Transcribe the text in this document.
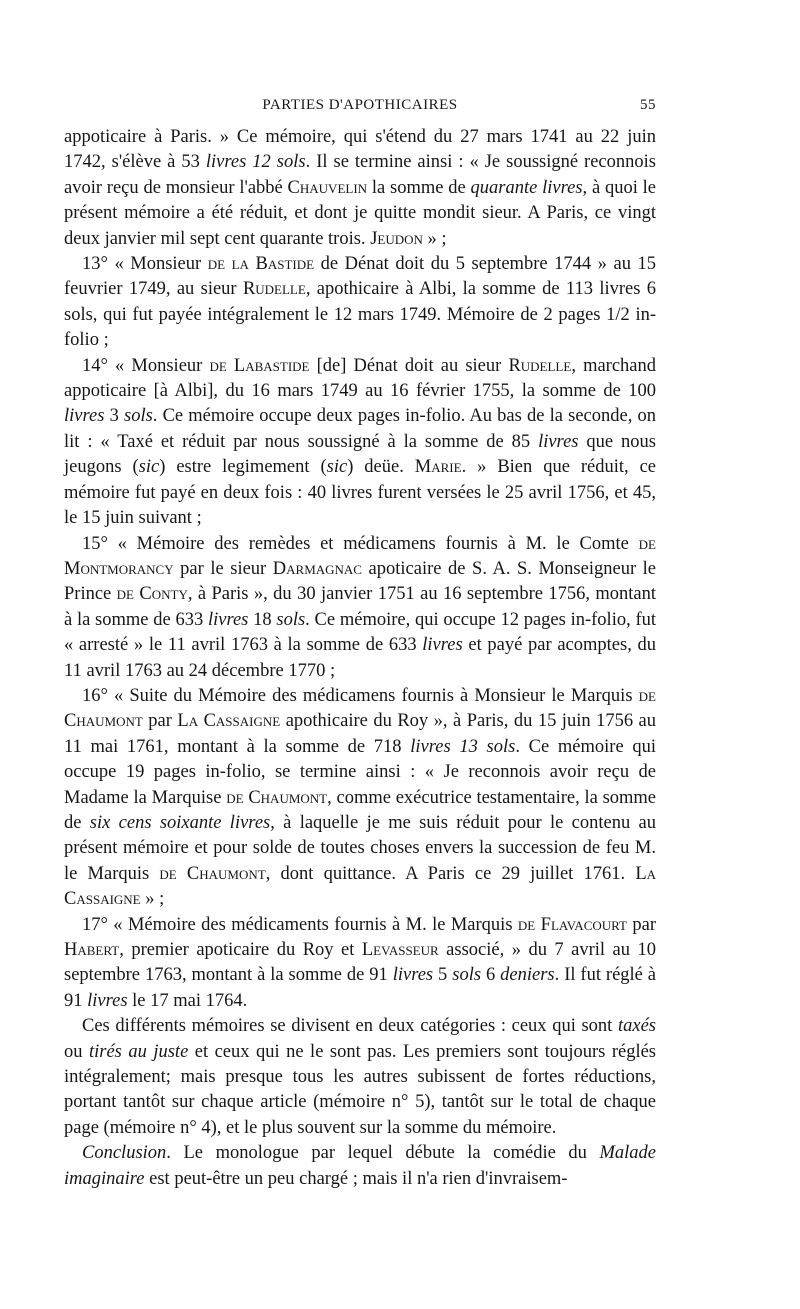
PARTIES D'APOTHICAIRES	55

appoticaire à Paris. » Ce mémoire, qui s'étend du 27 mars 1741 au 22 juin 1742, s'élève à 53 livres 12 sols. Il se termine ainsi : « Je soussigné reconnois avoir reçu de monsieur l'abbé Chauvelin la somme de quarante livres, à quoi le présent mémoire a été réduit, et dont je quitte mondit sieur. A Paris, ce vingt deux janvier mil sept cent quarante trois. Jeudon » ;

13° « Monsieur de la Bastide de Dénat doit du 5 septembre 1744 » au 15 feuvrier 1749, au sieur Rudelle, apothicaire à Albi, la somme de 113 livres 6 sols, qui fut payée intégralement le 12 mars 1749. Mémoire de 2 pages 1/2 in-folio ;

14° « Monsieur de Labastide [de] Dénat doit au sieur Rudelle, marchand appoticaire [à Albi], du 16 mars 1749 au 16 février 1755, la somme de 100 livres 3 sols. Ce mémoire occupe deux pages in-folio. Au bas de la seconde, on lit : « Taxé et réduit par nous soussigné à la somme de 85 livres que nous jeugons (sic) estre legimement (sic) deüe. Marie. » Bien que réduit, ce mémoire fut payé en deux fois : 40 livres furent versées le 25 avril 1756, et 45, le 15 juin suivant ;

15° « Mémoire des remèdes et médicamens fournis à M. le Comte de Montmorancy par le sieur Darmagnac apoticaire de S. A. S. Monseigneur le Prince de Conty, à Paris », du 30 janvier 1751 au 16 septembre 1756, montant à la somme de 633 livres 18 sols. Ce mémoire, qui occupe 12 pages in-folio, fut « arresté » le 11 avril 1763 à la somme de 633 livres et payé par acomptes, du 11 avril 1763 au 24 décembre 1770 ;

16° « Suite du Mémoire des médicamens fournis à Monsieur le Marquis de Chaumont par La Cassaigne apothicaire du Roy », à Paris, du 15 juin 1756 au 11 mai 1761, montant à la somme de 718 livres 13 sols. Ce mémoire qui occupe 19 pages in-folio, se termine ainsi : « Je reconnois avoir reçu de Madame la Marquise de Chaumont, comme exécutrice testamentaire, la somme de six cens soixante livres, à laquelle je me suis réduit pour le contenu au présent mémoire et pour solde de toutes choses envers la succession de feu M. le Marquis de Chaumont, dont quittance. A Paris ce 29 juillet 1761. La Cassaigne » ;

17° « Mémoire des médicaments fournis à M. le Marquis de Flavacourt par Habert, premier apoticaire du Roy et Levasseur associé, » du 7 avril au 10 septembre 1763, montant à la somme de 91 livres 5 sols 6 deniers. Il fut réglé à 91 livres le 17 mai 1764.

Ces différents mémoires se divisent en deux catégories : ceux qui sont taxés ou tirés au juste et ceux qui ne le sont pas. Les premiers sont toujours réglés intégralement; mais presque tous les autres subissent de fortes réductions, portant tantôt sur chaque article (mémoire n° 5), tantôt sur le total de chaque page (mémoire n° 4), et le plus souvent sur la somme du mémoire.

Conclusion. Le monologue par lequel débute la comédie du Malade imaginaire est peut-être un peu chargé ; mais il n'a rien d'invraisem-
